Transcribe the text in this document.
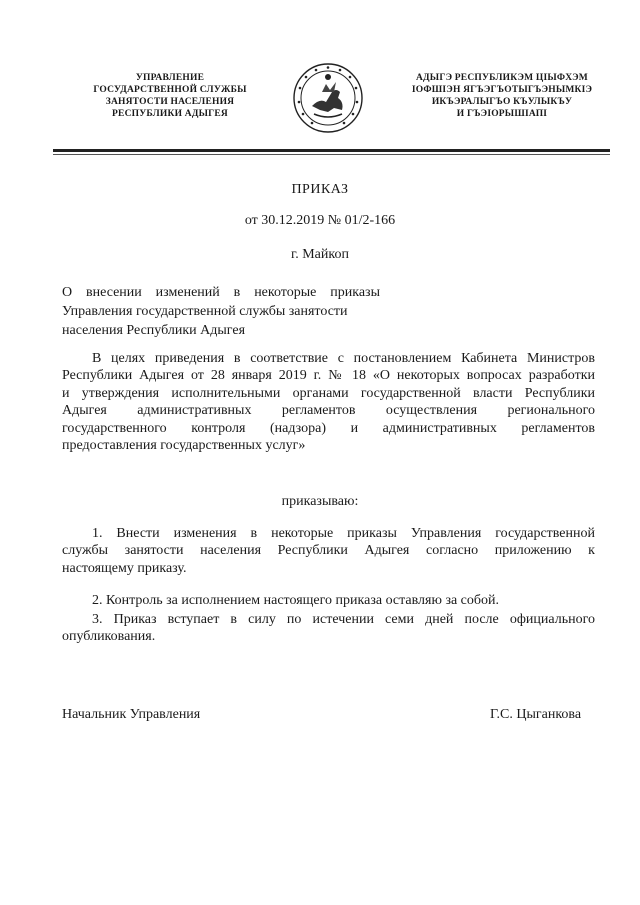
УПРАВЛЕНИЕ
ГОСУДАРСТВЕННОЙ СЛУЖБЫ
ЗАНЯТОСТИ НАСЕЛЕНИЯ
РЕСПУБЛИКИ АДЫГЕЯ
АДЫГЭ РЕСПУБЛИКЭМ ЦIЫФХЭМ
IОФШIЭН ЯГЪЭГЪОТЫГЪЭНЫМКIЭ
ИКЪЭРАЛЫГЪО КЪУЛЫКЪУ
И ГЪЭIОРЫШIАПI
ПРИКАЗ
от 30.12.2019 № 01/2-166
г. Майкоп
О внесении изменений в некоторые приказы
Управления государственной службы занятости
населения Республики Адыгея
В целях приведения в соответствие с постановлением Кабинета Министров
Республики Адыгея от 28 января 2019 г. № 18 «О некоторых вопросах разработки
и утверждения исполнительными органами государственной власти Республики
Адыгея административных регламентов осуществления регионального
государственного контроля (надзора) и административных регламентов
предоставления государственных услуг»
приказываю:
1. Внести изменения в некоторые приказы Управления государственной
службы занятости населения Республики Адыгея согласно приложению к
настоящему приказу.
2. Контроль за исполнением настоящего приказа оставляю за собой.
3. Приказ вступает в силу по истечении семи дней после официального
опубликования.
Начальник Управления	Г.С. Цыганкова
